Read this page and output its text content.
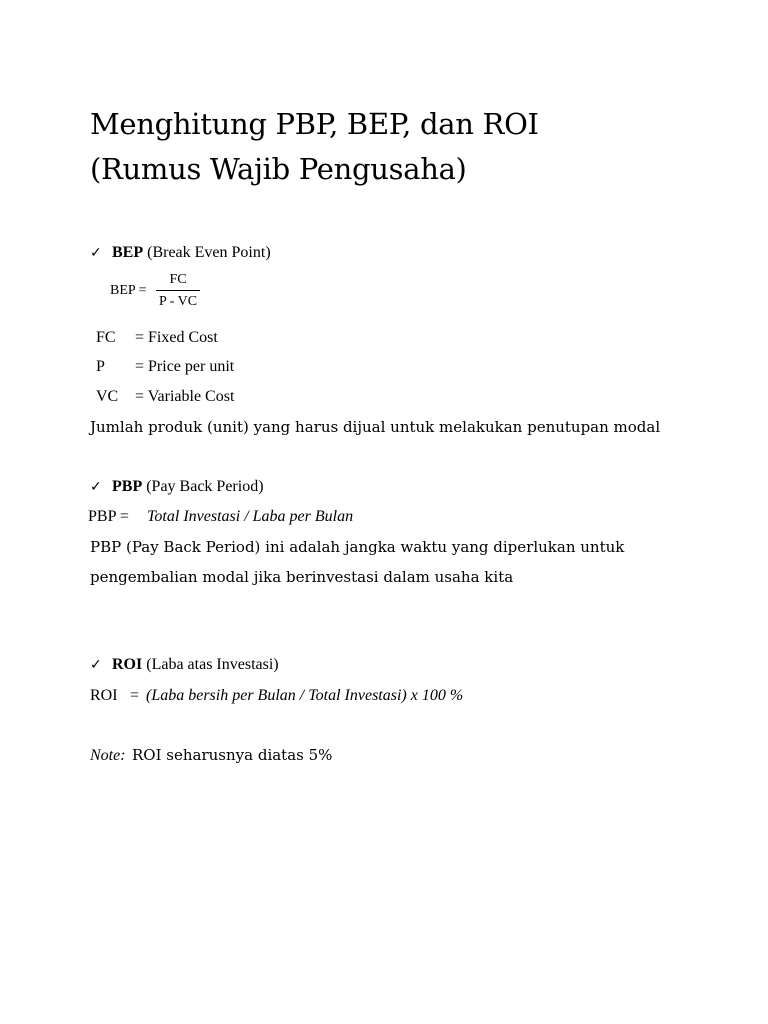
Menghitung PBP, BEP, dan ROI
(Rumus Wajib Pengusaha)
✓ BEP (Break Even Point)
BEP =
FC
P - VC
FC = Fixed Cost
P = Price per unit
VC = Variable Cost
Jumlah produk (unit) yang harus dijual untuk melakukan penutupan modal
✓ PBP (Pay Back Period)
PBP = Total Investasi / Laba per Bulan
PBP (Pay Back Period) ini adalah jangka waktu yang diperlukan untuk
pengembalian modal jika berinvestasi dalam usaha kita
✓ ROI (Laba atas Investasi)
ROI = (Laba bersih per Bulan / Total Investasi) x 100 %
Note: ROI seharusnya diatas 5%
